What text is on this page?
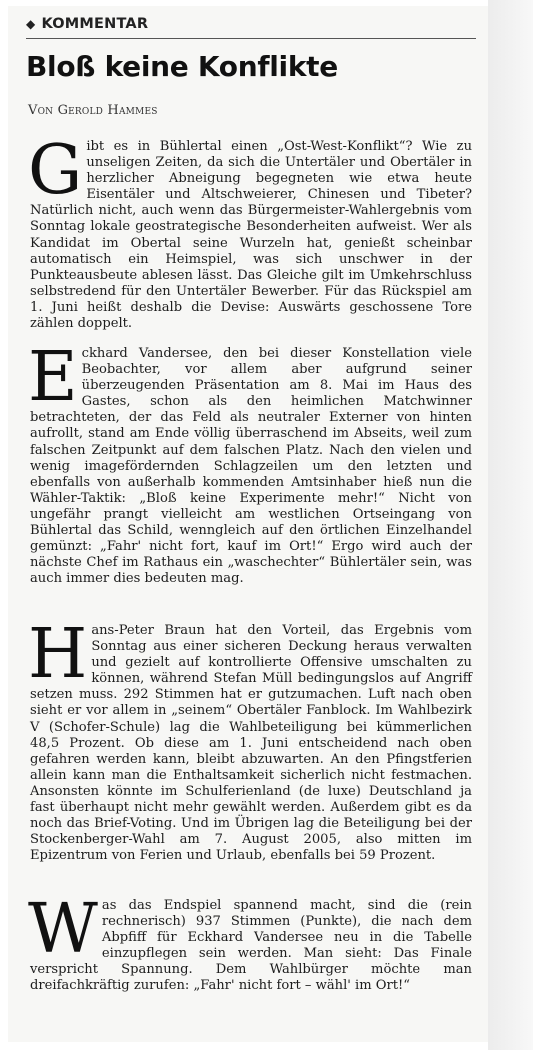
◆ KOMMENTAR
Bloß keine Konflikte
Von Gerold Hammes
G ibt es in Bühlertal einen „Ost-West-Konflikt“? Wie zu unseligen Zeiten, da sich die Untertäler und Obertäler in herzlicher Abneigung begegneten wie etwa heute Eisentäler und Altschweierer, Chinesen und Tibeter? Natürlich nicht, auch wenn das Bürgermeister-Wahlergebnis vom Sonntag lokale geostrategische Besonderheiten aufweist. Wer als Kandidat im Obertal seine Wurzeln hat, genießt scheinbar automatisch ein Heimspiel, was sich unschwer in der Punkteausbeute ablesen lässt. Das Gleiche gilt im Umkehrschluss selbstredend für den Untertäler Bewerber. Für das Rückspiel am 1. Juni heißt deshalb die Devise: Auswärts geschossene Tore zählen doppelt.
E ckhard Vandersee, den bei dieser Konstellation viele Beobachter, vor allem aber aufgrund seiner überzeugenden Präsentation am 8. Mai im Haus des Gastes, schon als den heimlichen Matchwinner betrachteten, der das Feld als neutraler Externer von hinten aufrollt, stand am Ende völlig überraschend im Abseits, weil zum falschen Zeitpunkt auf dem falschen Platz. Nach den vielen und wenig imagefördernden Schlagzeilen um den letzten und ebenfalls von außerhalb kommenden Amtsinhaber hieß nun die Wähler-Taktik: „Bloß keine Experimente mehr!“ Nicht von ungefähr prangt vielleicht am westlichen Ortseingang von Bühlertal das Schild, wenngleich auf den örtlichen Einzelhandel gemünzt: „Fahr' nicht fort, kauf im Ort!“ Ergo wird auch der nächste Chef im Rathaus ein „waschechter“ Bühlertäler sein, was auch immer dies bedeuten mag.
H ans-Peter Braun hat den Vorteil, das Ergebnis vom Sonntag aus einer sicheren Deckung heraus verwalten und gezielt auf kontrollierte Offensive umschalten zu können, während Stefan Müll bedingungslos auf Angriff setzen muss. 292 Stimmen hat er gutzumachen. Luft nach oben sieht er vor allem in „seinem“ Obertäler Fanblock. Im Wahlbezirk V (Schofer-Schule) lag die Wahlbeteiligung bei kümmerlichen 48,5 Prozent. Ob diese am 1. Juni entscheidend nach oben gefahren werden kann, bleibt abzuwarten. An den Pfingstferien allein kann man die Enthaltsamkeit sicherlich nicht festmachen. Ansonsten könnte im Schulferienland (de luxe) Deutschland ja fast überhaupt nicht mehr gewählt werden. Außerdem gibt es da noch das Brief-Voting. Und im Übrigen lag die Beteiligung bei der Stockenberger-Wahl am 7. August 2005, also mitten im Epizentrum von Ferien und Urlaub, ebenfalls bei 59 Prozent.
W as das Endspiel spannend macht, sind die (rein rechnerisch) 937 Stimmen (Punkte), die nach dem Abpfiff für Eckhard Vandersee neu in die Tabelle einzupflegen sein werden. Man sieht: Das Finale verspricht Spannung. Dem Wahlbürger möchte man dreifachkräftig zurufen: „Fahr' nicht fort – wähl' im Ort!“
